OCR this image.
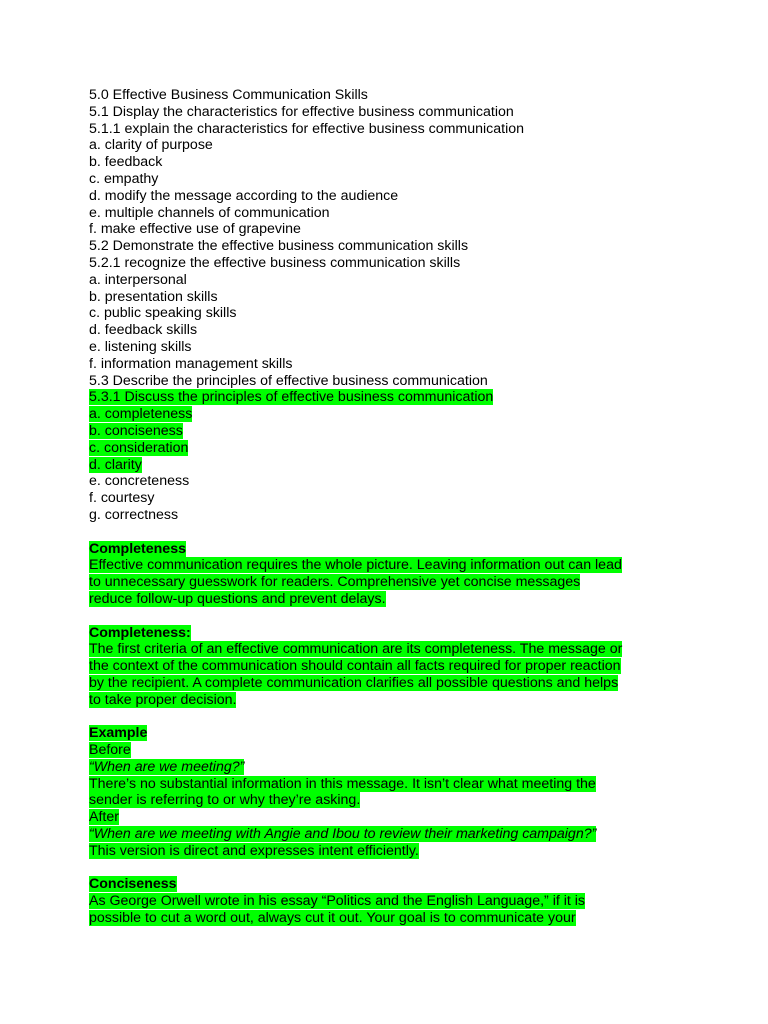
5.0 Effective Business Communication Skills
5.1 Display the characteristics for effective business communication
5.1.1 explain the characteristics for effective business communication
a. clarity of purpose
b. feedback
c. empathy
d. modify the message according to the audience
e. multiple channels of communication
f. make effective use of grapevine
5.2 Demonstrate the effective business communication skills
5.2.1 recognize the effective business communication skills
a. interpersonal
b. presentation skills
c. public speaking skills
d. feedback skills
e. listening skills
f. information management skills
5.3 Describe the principles of effective business communication
5.3.1 Discuss the principles of effective business communication
a. completeness
b. conciseness
c. consideration
d. clarity
e. concreteness
f. courtesy
g. correctness
Completeness
Effective communication requires the whole picture. Leaving information out can lead
to unnecessary guesswork for readers. Comprehensive yet concise messages
reduce follow-up questions and prevent delays.
Completeness:
The first criteria of an effective communication are its completeness. The message or
the context of the communication should contain all facts required for proper reaction
by the recipient. A complete communication clarifies all possible questions and helps
to take proper decision.
Example
Before
“When are we meeting?”
There’s no substantial information in this message. It isn’t clear what meeting the
sender is referring to or why they’re asking.
After
“When are we meeting with Angie and Ibou to review their marketing campaign?”
This version is direct and expresses intent efficiently.
Conciseness
As George Orwell wrote in his essay “Politics and the English Language,” if it is
possible to cut a word out, always cut it out. Your goal is to communicate your
